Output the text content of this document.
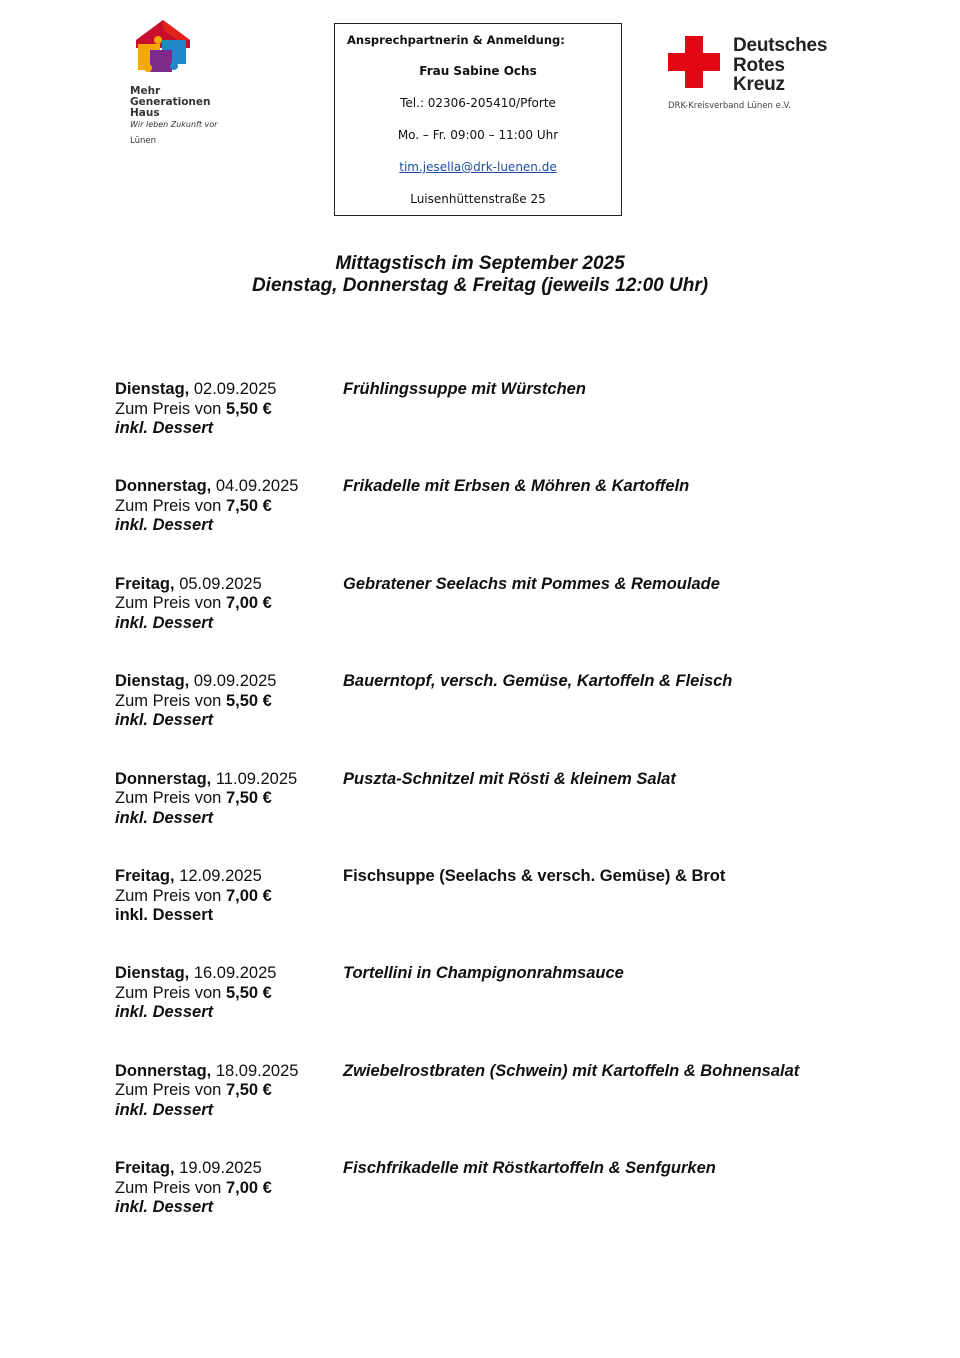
Mehr
Generationen
Haus
Wir leben Zukunft vor
Lünen
Ansprechpartnerin & Anmeldung:
Frau Sabine Ochs
Tel.: 02306-205410/Pforte
Mo. – Fr. 09:00 – 11:00 Uhr
tim.jesella@drk-luenen.de
Luisenhüttenstraße 25
Deutsches
Rotes
Kreuz
DRK-Kreisverband Lünen e.V.
Mittagstisch im September 2025
Dienstag, Donnerstag & Freitag (jeweils 12:00 Uhr)
Dienstag, 02.09.2025
Zum Preis von 5,50 €
inkl. Dessert
Frühlingssuppe mit Würstchen
Donnerstag, 04.09.2025
Zum Preis von 7,50 €
inkl. Dessert
Frikadelle mit Erbsen & Möhren & Kartoffeln
Freitag, 05.09.2025
Zum Preis von 7,00 €
inkl. Dessert
Gebratener Seelachs mit Pommes & Remoulade
Dienstag, 09.09.2025
Zum Preis von 5,50 €
inkl. Dessert
Bauerntopf, versch. Gemüse, Kartoffeln & Fleisch
Donnerstag, 11.09.2025
Zum Preis von 7,50 €
inkl. Dessert
Puszta-Schnitzel mit Rösti & kleinem Salat
Freitag, 12.09.2025
Zum Preis von 7,00 €
inkl. Dessert
Fischsuppe (Seelachs & versch. Gemüse) & Brot
Dienstag, 16.09.2025
Zum Preis von 5,50 €
inkl. Dessert
Tortellini in Champignonrahmsauce
Donnerstag, 18.09.2025
Zum Preis von 7,50 €
inkl. Dessert
Zwiebelrostbraten (Schwein) mit Kartoffeln & Bohnensalat
Freitag, 19.09.2025
Zum Preis von 7,00 €
inkl. Dessert
Fischfrikadelle mit Röstkartoffeln & Senfgurken
